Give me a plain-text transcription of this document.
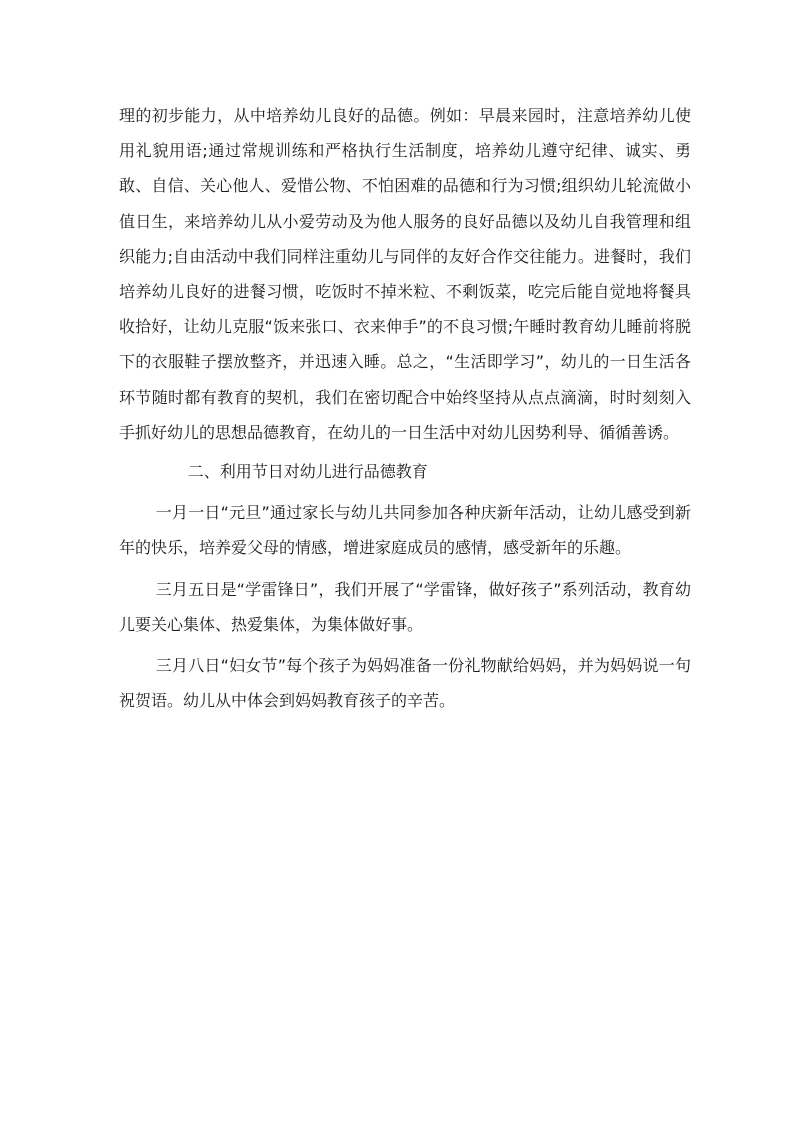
理的初步能力，从中培养幼儿良好的品德。例如：早晨来园时，注意培养幼儿使用礼貌用语;通过常规训练和严格执行生活制度，培养幼儿遵守纪律、诚实、勇敢、自信、关心他人、爱惜公物、不怕困难的品德和行为习惯;组织幼儿轮流做小值日生，来培养幼儿从小爱劳动及为他人服务的良好品德以及幼儿自我管理和组织能力;自由活动中我们同样注重幼儿与同伴的友好合作交往能力。进餐时，我们培养幼儿良好的进餐习惯，吃饭时不掉米粒、不剩饭菜，吃完后能自觉地将餐具收拾好，让幼儿克服“饭来张口、衣来伸手”的不良习惯;午睡时教育幼儿睡前将脱下的衣服鞋子摆放整齐，并迅速入睡。总之，“生活即学习”，幼儿的一日生活各环节随时都有教育的契机，我们在密切配合中始终坚持从点点滴滴，时时刻刻入手抓好幼儿的思想品德教育，在幼儿的一日生活中对幼儿因势利导、循循善诱。

二、利用节日对幼儿进行品德教育

一月一日“元旦”通过家长与幼儿共同参加各种庆新年活动，让幼儿感受到新年的快乐，培养爱父母的情感，增进家庭成员的感情，感受新年的乐趣。

三月五日是“学雷锋日”，我们开展了“学雷锋，做好孩子”系列活动，教育幼儿要关心集体、热爱集体，为集体做好事。

三月八日“妇女节”每个孩子为妈妈准备一份礼物献给妈妈，并为妈妈说一句祝贺语。幼儿从中体会到妈妈教育孩子的辛苦。
